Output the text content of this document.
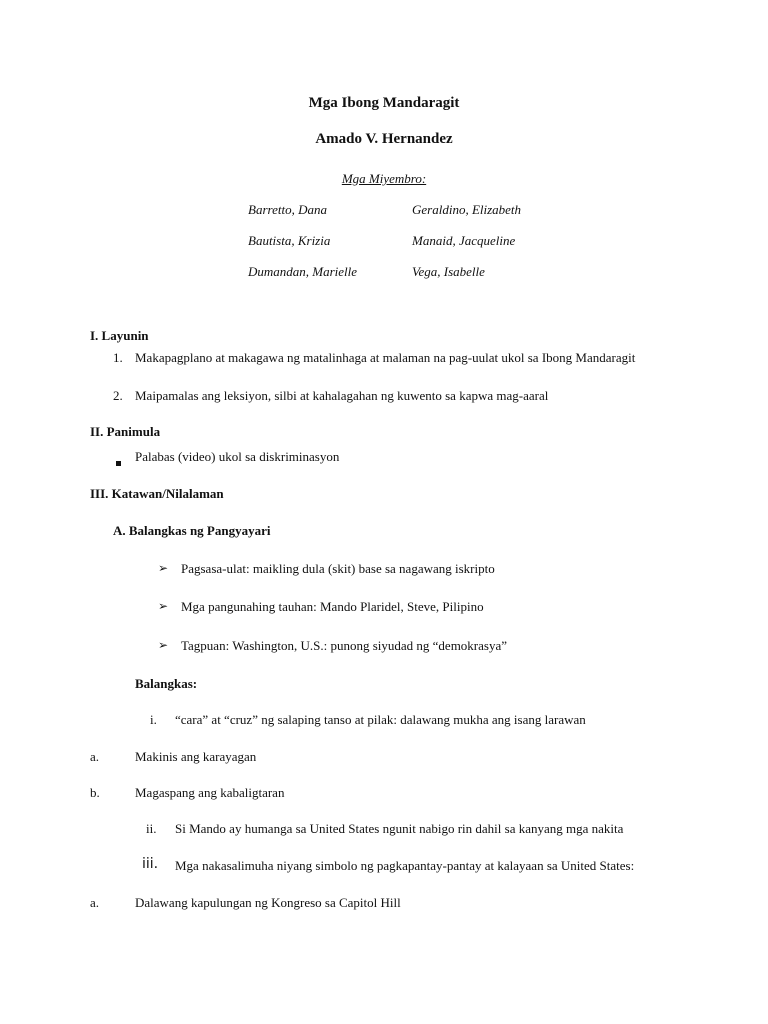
Mga Ibong Mandaragit
Amado V. Hernandez
Mga Miyembro:
Barretto, Dana	Geraldino, Elizabeth
Bautista, Krizia	Manaid, Jacqueline
Dumandan, Marielle	Vega, Isabelle
I. Layunin
1. Makapagplano at makagawa ng matalinhaga at malaman na pag-uulat ukol sa Ibong Mandaragit
2. Maipamalas ang leksiyon, silbi at kahalagahan ng kuwento sa kapwa mag-aaral
II. Panimula
Palabas (video) ukol sa diskriminasyon
III. Katawan/Nilalaman
A. Balangkas ng Pangyayari
➢ Pagsasa-ulat: maikling dula (skit) base sa nagawang iskripto
➢ Mga pangunahing tauhan: Mando Plaridel, Steve, Pilipino
➢ Tagpuan: Washington, U.S.: punong siyudad ng “demokrasya”
Balangkas:
i. “cara” at “cruz” ng salaping tanso at pilak: dalawang mukha ang isang larawan
a.	Makinis ang karayagan
b.	Magaspang ang kabaligtaran
ii. Si Mando ay humanga sa United States ngunit nabigo rin dahil sa kanyang mga nakita
iii. Mga nakasalimuha niyang simbolo ng pagkapantay-pantay at kalayaan sa United States:
a.	Dalawang kapulungan ng Kongreso sa Capitol Hill
